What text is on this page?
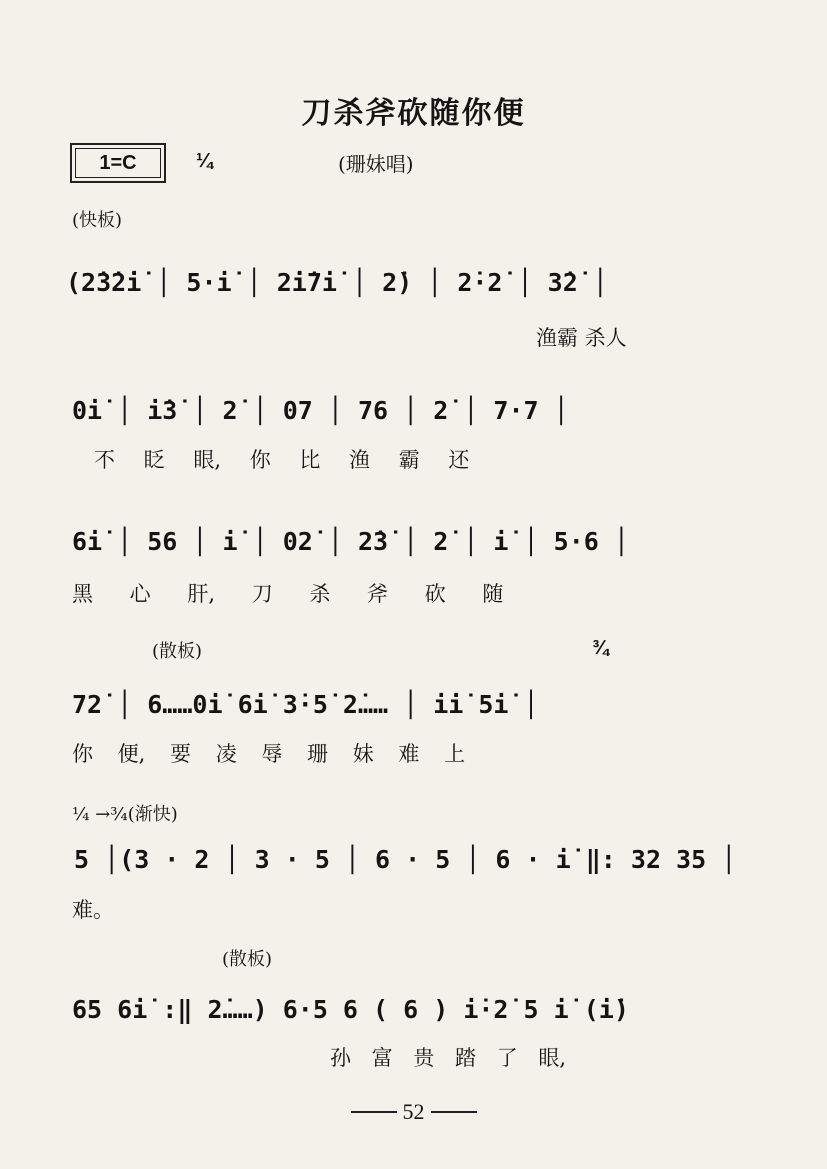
刀杀斧砍随你便
1=C	¼	(珊妹唱)
(快板)
(2̇3̇2̇i̇ │ 5·i̇ │ 2̇i̇7i̇ │ 2̇) │ 2̇·2̇ │ 3̇2̇ │
渔霸 杀人
0i̇ │ i̇3̇ │ 2̇ │ 07 │ 76 │ 2̇ │ 7·7 │
不 眨 眼, 你 比 渔 霸 还
6i̇ │ 56 │ i̇ │ 02̇ │ 2̇3̇ │ 2̇ │ i̇ │ 5·6 │
黑 心 肝, 刀 杀 斧 砍 随
(散板)	¾
72̇ │ 6……0i̇ 6i̇ 3̇·5̇ 2̇…… │ i̇i̇ 5i̇ │
你 便, 要 凌 辱 珊 妹 难 上
¼ →¾(渐快)
5 │(3 · 2 │ 3 · 5 │ 6 · 5 │ 6 · i̇ ‖: 32 35 │
难。
(散板)
65 6i̇ :‖ 2̇……) 6·5 6 ( 6 ) i̇·2̇ 5 i̇ (i̇)
孙 富 贵 踏 了 眼,
52
